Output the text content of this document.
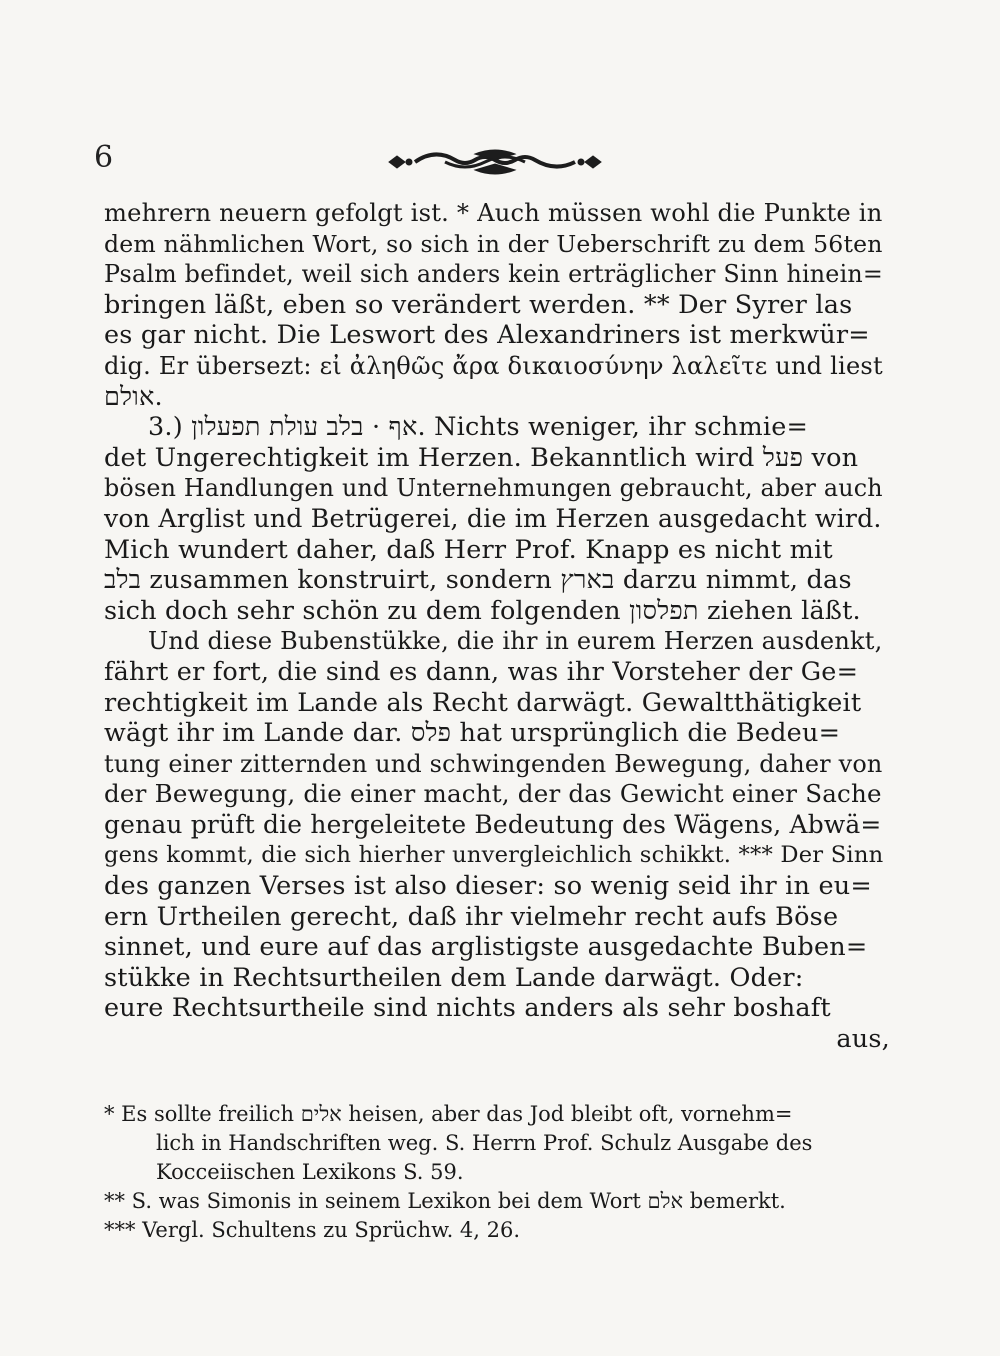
6
mehrern neuern gefolgt ist. * Auch müssen wohl die Punkte in
dem nähmlichen Wort, so sich in der Ueberschrift zu dem 56ten
Psalm befindet, weil sich anders kein erträglicher Sinn hinein=
bringen läßt, eben so verändert werden. ** Der Syrer las
es gar nicht. Die Leswort des Alexandriners ist merkwür=
dig. Er übersezt: εἰ ἀληθῶς ἄρα δικαιοσύνην λαλεῖτε und liest
אולם.
3.) אף · בלב עולת תפעלון. Nichts weniger, ihr schmie=
det Ungerechtigkeit im Herzen. Bekanntlich wird פעל von
bösen Handlungen und Unternehmungen gebraucht, aber auch
von Arglist und Betrügerei, die im Herzen ausgedacht wird.
Mich wundert daher, daß Herr Prof. Knapp es nicht mit
בלב zusammen konstruirt, sondern בארץ darzu nimmt, das
sich doch sehr schön zu dem folgenden תפלסון ziehen läßt.
Und diese Bubenstükke, die ihr in eurem Herzen ausdenkt,
fährt er fort, die sind es dann, was ihr Vorsteher der Ge=
rechtigkeit im Lande als Recht darwägt. Gewaltthätigkeit
wägt ihr im Lande dar. פלס hat ursprünglich die Bedeu=
tung einer zitternden und schwingenden Bewegung, daher von
der Bewegung, die einer macht, der das Gewicht einer Sache
genau prüft die hergeleitete Bedeutung des Wägens, Abwä=
gens kommt, die sich hierher unvergleichlich schikkt. *** Der Sinn
des ganzen Verses ist also dieser: so wenig seid ihr in eu=
ern Urtheilen gerecht, daß ihr vielmehr recht aufs Böse
sinnet, und eure auf das arglistigste ausgedachte Buben=
stükke in Rechtsurtheilen dem Lande darwägt. Oder:
eure Rechtsurtheile sind nichts anders als sehr boshaft
aus,
* Es sollte freilich אלים heisen, aber das Jod bleibt oft, vornehm=
lich in Handschriften weg. S. Herrn Prof. Schulz Ausgabe des
Kocceiischen Lexikons S. 59.
** S. was Simonis in seinem Lexikon bei dem Wort אלם bemerkt.
*** Vergl. Schultens zu Sprüchw. 4, 26.
